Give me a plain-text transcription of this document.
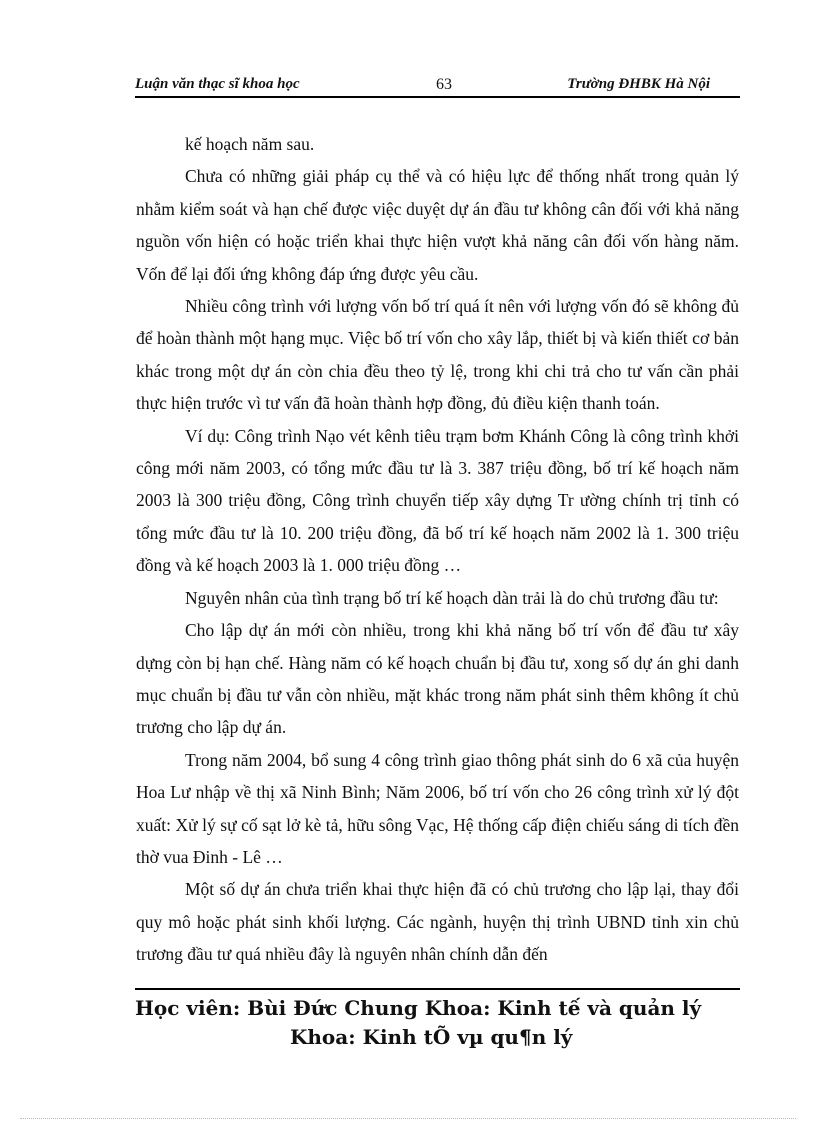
Luận văn thạc sĩ khoa học	63	Trường ĐHBK Hà Nội

kế hoạch năm sau.

Chưa có những giải pháp cụ thể và có hiệu lực để thống nhất trong quản lý nhằm kiểm soát và hạn chế được việc duyệt dự án đầu tư không cân đối với khả năng nguồn vốn hiện có hoặc triển khai thực hiện vượt khả năng cân đối vốn hàng năm. Vốn để lại đối ứng không đáp ứng được yêu cầu.

Nhiều công trình với lượng vốn bố trí quá ít nên với lượng vốn đó sẽ không đủ để hoàn thành một hạng mục. Việc bố trí vốn cho xây lắp, thiết bị và kiến thiết cơ bản khác trong một dự án còn chia đều theo tỷ lệ, trong khi chi trả cho tư vấn cần phải thực hiện trước vì tư vấn đã hoàn thành hợp đồng, đủ điều kiện thanh toán.

Ví dụ: Công trình Nạo vét kênh tiêu trạm bơm Khánh Công là công trình khởi công mới năm 2003, có tổng mức đầu tư là 3. 387 triệu đồng, bố trí kế hoạch năm 2003 là 300 triệu đồng, Công trình chuyển tiếp xây dựng Tr ường chính trị tỉnh có tổng mức đầu tư là 10. 200 triệu đồng, đã bố trí kế hoạch năm 2002 là 1. 300 triệu đồng và kế hoạch 2003 là 1. 000 triệu đồng …

Nguyên nhân của tình trạng bố trí kế hoạch dàn trải là do chủ trương đầu tư:

Cho lập dự án mới còn nhiều, trong khi khả năng bố trí vốn để đầu tư xây dựng còn bị hạn chế. Hàng năm có kế hoạch chuẩn bị đầu tư, xong số dự án ghi danh mục chuẩn bị đầu tư vẫn còn nhiều, mặt khác trong năm phát sinh thêm không ít chủ trương cho lập dự án.

Trong năm 2004, bổ sung 4 công trình giao thông phát sinh do 6 xã của huyện Hoa Lư nhập về thị xã Ninh Bình; Năm 2006, bố trí vốn cho 26 công trình xử lý đột xuất: Xử lý sự cố sạt lở kè tả, hữu sông Vạc, Hệ thống cấp điện chiếu sáng di tích đền thờ vua Đinh - Lê …

Một số dự án chưa triển khai thực hiện đã có chủ trương cho lập lại, thay đổi quy mô hoặc phát sinh khối lượng. Các ngành, huyện thị trình UBND tỉnh xin chủ trương đầu tư quá nhiều đây là nguyên nhân chính dẫn đến

Học viên: Bùi Đức Chung Khoa: Kinh tế và quản lý
Khoa: Kinh tÕ vµ qu¶n lý
